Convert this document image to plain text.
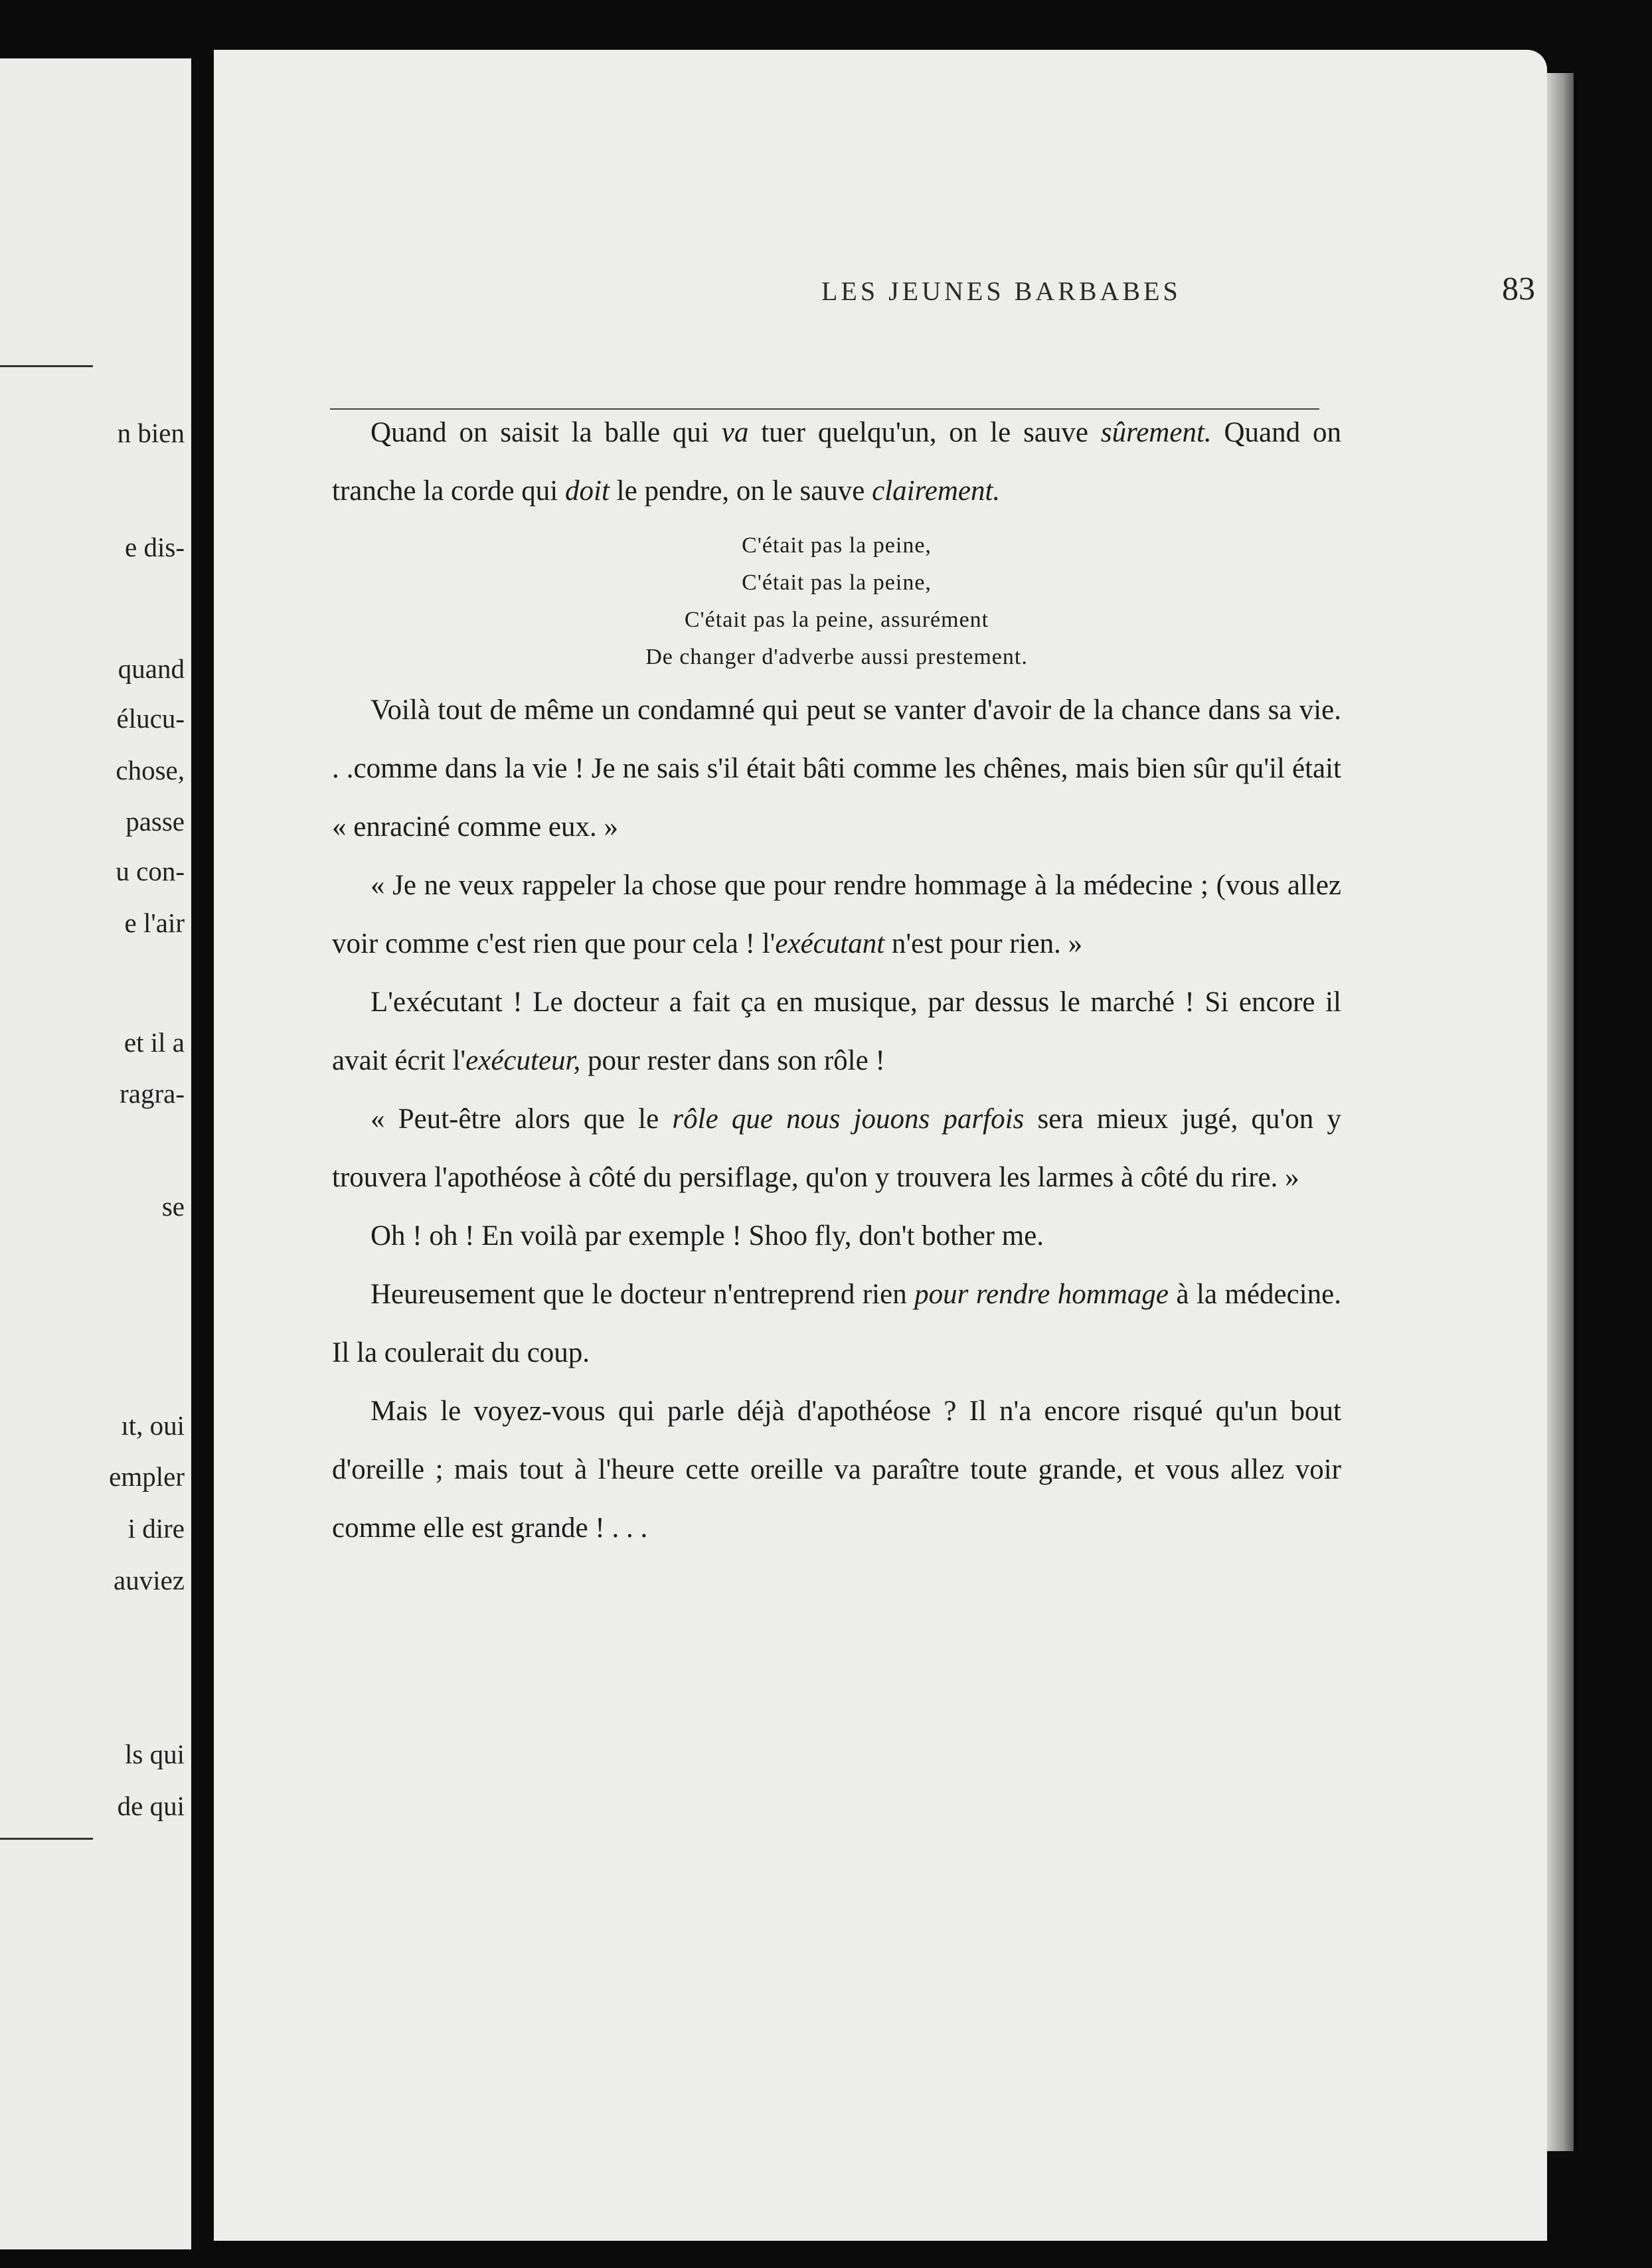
n bien
e dis-
quand
élucu-
chose,
passe
u con-
e l'air
et il a
ragra-
se
ıt, oui
empler
i dire
auviez
ls qui
de qui
LES JEUNES BARBABES	83

Quand on saisit la balle qui va tuer quelqu'un, on le sauve sûrement. Quand on tranche la corde qui doit le pendre, on le sauve clairement.

C'était pas la peine,
C'était pas la peine,
C'était pas la peine, assurément
De changer d'adverbe aussi prestement.

Voilà tout de même un condamné qui peut se vanter d'avoir de la chance dans sa vie. . .comme dans la vie ! Je ne sais s'il était bâti comme les chênes, mais bien sûr qu'il était « enraciné comme eux. »

« Je ne veux rappeler la chose que pour rendre hommage à la médecine ; (vous allez voir comme c'est rien que pour cela ! l'exécutant n'est pour rien. »

L'exécutant ! Le docteur a fait ça en musique, par dessus le marché ! Si encore il avait écrit l'exécuteur, pour rester dans son rôle !

« Peut-être alors que le rôle que nous jouons parfois sera mieux jugé, qu'on y trouvera l'apothéose à côté du persiflage, qu'on y trouvera les larmes à côté du rire. »

Oh ! oh ! En voilà par exemple ! Shoo fly, don't bother me.

Heureusement que le docteur n'entreprend rien pour rendre hommage à la médecine. Il la coulerait du coup.

Mais le voyez-vous qui parle déjà d'apothéose ? Il n'a encore risqué qu'un bout d'oreille ; mais tout à l'heure cette oreille va paraître toute grande, et vous allez voir comme elle est grande ! . . .
